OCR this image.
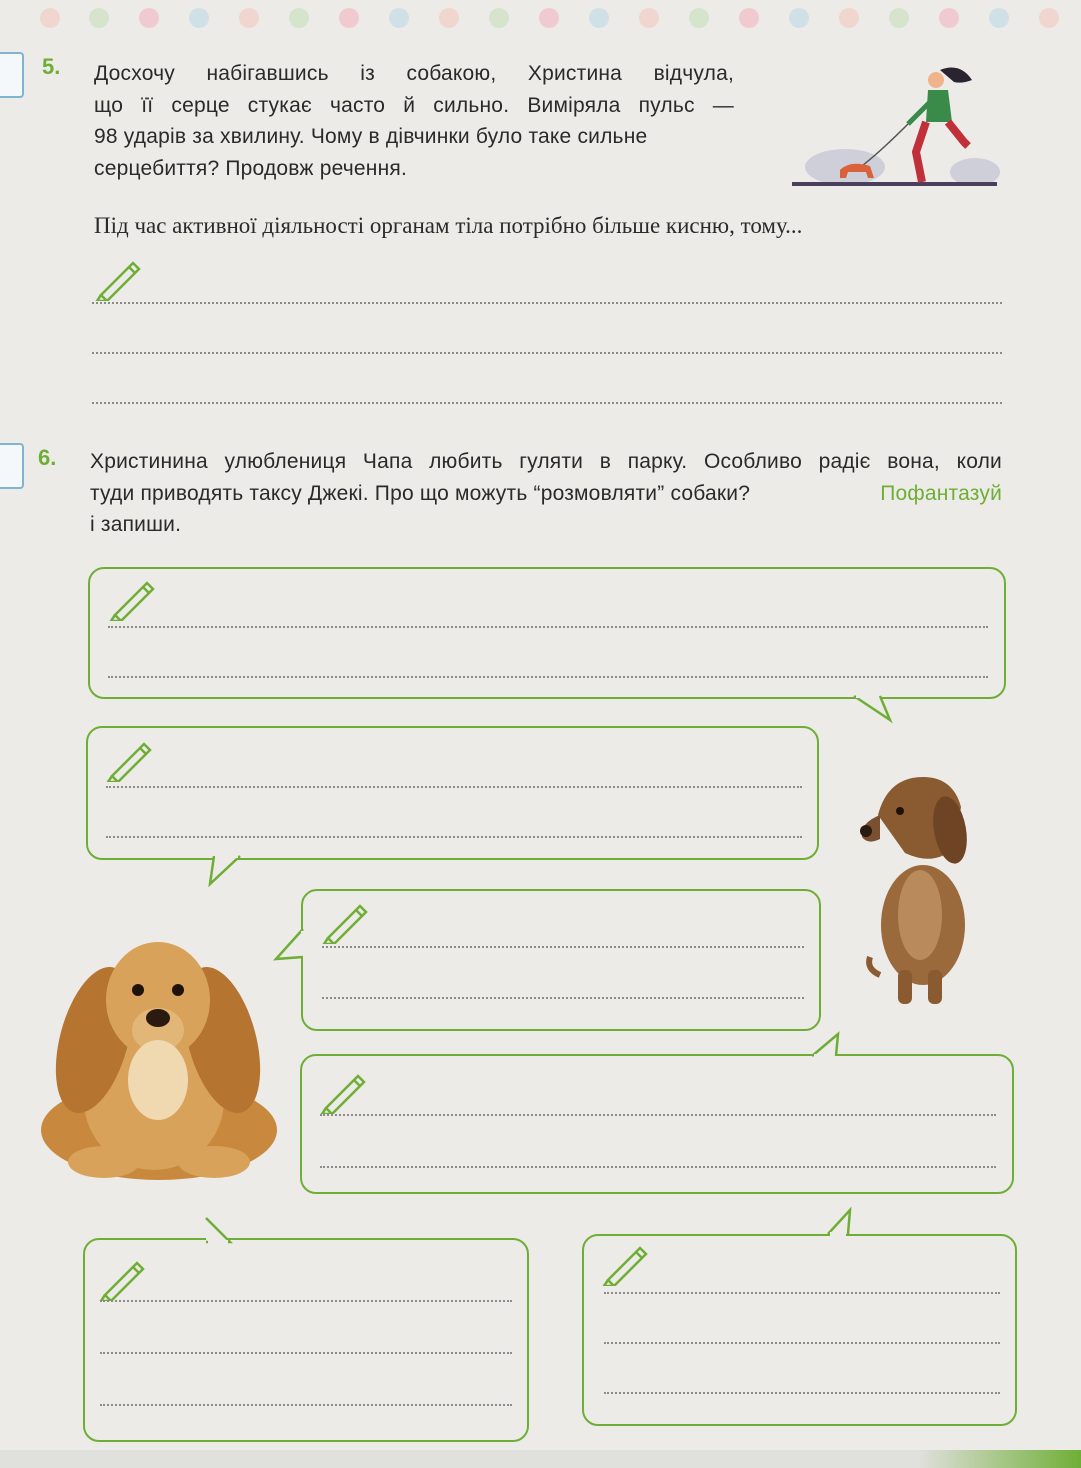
5. Досхочу набігавшись із собакою, Христина відчула,
що її серце стукає часто й сильно. Виміряла пульс —
98 ударів за хвилину. Чому в дівчинки було таке сильне
серцебиття? Продовж речення.
Під час активної діяльності органам тіла потрібно більше кисню, тому...
6. Христинина улюблениця Чапа любить гуляти в парку. Особливо радіє вона, коли
туди приводять таксу Джекі. Про що можуть “розмовляти” собаки?	Пофантазуй
і запиши.
